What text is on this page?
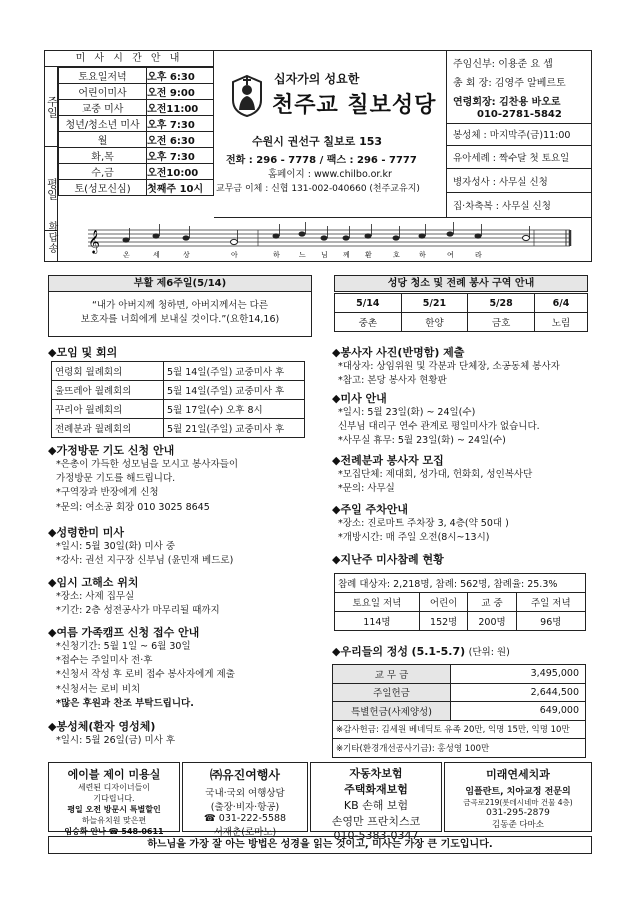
미 사 시 간 안 내
주일
평일
토요일저녁	오후 6:30
어린이미사	오전 9:00
교중 미사	오전11:00
청년/청소년 미사	오후 7:30
월	오전 6:30
화,목	오후 7:30
수,금	오전10:00
토(성모신심)	첫째주 10시
십자가의 성요한
천주교 칠보성당
수원시 권선구 칠보로 153
전화 : 296 - 7778 / 팩스 : 296 - 7777
홈페이지 : www.chilbo.or.kr
교무금 이체 : 신협 131-002-040660 (천주교유지)
주임신부: 이용준 요 셉
총 회 장: 김영주 알베르토
연령회장: 김찬용 바오로
010-2781-5842
봉성체 : 마지막주(금)11:00
유아세례 : 짝수달 첫 토요일
병자성사 : 사무실 신청
집·차축복 : 사무실 신청
화답송 𝄞
온	세	상	아	하	느 님 께 환	호	하	여	라
부활 제6주일(5/14)
“내가 아버지께 청하면, 아버지께서는 다른
보호자를 너희에게 보내실 것이다.”(요한14,16)
◆모임 및 회의
연령회 월례회의	5월 14일(주일) 교중미사 후
울뜨레아 월례회의	5월 14일(주일) 교중미사 후
꾸리아 월례회의	5월 17일(수) 오후 8시
전례분과 월례회의	5월 21일(주일) 교중미사 후
◆가정방문 기도 신청 안내
*은총이 가득한 성모님을 모시고 봉사자들이
가정방문 기도를 해드립니다.
*구역장과 반장에게 신청
*문의: 여소공 회장 010 3025 8645
◆성령한미 미사
*일시: 5월 30일(화) 미사 중
*강사: 권선 지구장 신부님 (윤민재 베드로)
◆임시 고해소 위치
*장소: 사제 집무실
*기간: 2층 성전공사가 마무리될 때까지
◆여름 가족캠프 신청 접수 안내
*신청기간: 5월 1일 ~ 6월 30일
*접수는 주일미사 전·후
*신청서 작성 후 로비 접수 봉사자에게 제출
*신청서는 로비 비치
*많은 후원과 찬조 부탁드립니다.
◆봉성체(환자 영성체)
*일시: 5월 26일(금) 미사 후
성당 청소 및 전례 봉사 구역 안내
5/14	5/21	5/28	6/4
중촌	한양	금호	노림
◆봉사자 사진(반명함) 제출
*대상자: 상임위원 및 각분과 단체장, 소공동체 봉사자
*참고: 본당 봉사자 현황판
◆미사 안내
*일시: 5월 23일(화) ~ 24일(수)
신부님 대리구 연수 관계로 평일미사가 없습니다.
*사무실 휴무: 5월 23일(화) ~ 24일(수)
◆전례분과 봉사자 모집
*모집단체: 제대회, 성가대, 헌화회, 성인복사단
*문의: 사무실
◆주일 주차안내
*장소: 진로마트 주차장 3, 4층(약 50대 )
*개방시간: 매 주일 오전(8시~13시)
◆지난주 미사참례 현황
참례 대상자: 2,218명, 참례: 562명, 참례율: 25.3%			
토요일 저녁	어린이	교 중	주일 저녁
114명	152명	200명	96명
◆우리들의 정성 (5.1-5.7) (단위: 원)
교 무 금	3,495,000
주일헌금	2,644,500
특별헌금(사제양성)	649,000
※감사헌금: 김세원 베네딕토 유족 20만, 익명 15만, 익명 10만	
※기타(환경개선공사기금): 홍성영 100만	
에이블 제이 미용실
세련된 디자이너들이
기다립니다.
평일 오전 방문시 특별할인
하늘유치원 맞은편
임승화 안나 ☎ 548-0611
㈜유진여행사
국내·국외 여행상담
(출장·비자·항공)
☎ 031-222-5588
서재춘(로마노)
자동차보험
주택화재보험
KB 손해 보험
손영만 프란치스코
010-5383-0347
미래연세치과
임플란트, 치아교정 전문의
금곡로219(롯데시네마 건물 4층)
031-295-2879
김동준 다마소
하느님을 가장 잘 아는 방법은 성경을 읽는 것이고, 미사는 가장 큰 기도입니다.
